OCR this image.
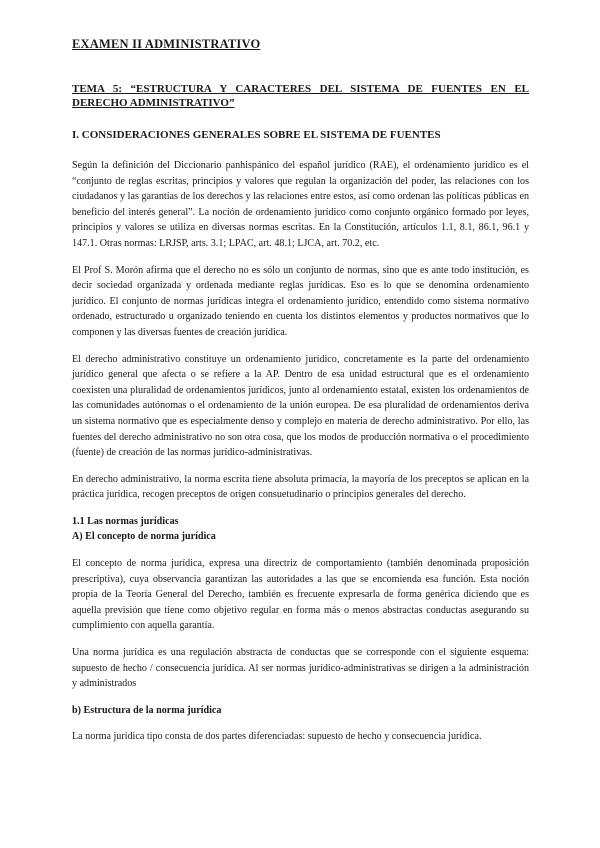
EXAMEN II ADMINISTRATIVO

TEMA 5: “ESTRUCTURA Y CARACTERES DEL SISTEMA DE FUENTES EN EL DERECHO ADMINISTRATIVO”

I. CONSIDERACIONES GENERALES SOBRE EL SISTEMA DE FUENTES

Según la definición del Diccionario panhispánico del español jurídico (RAE), el ordenamiento jurídico es el “conjunto de reglas escritas, principios y valores que regulan la organización del poder, las relaciones con los ciudadanos y las garantías de los derechos y las relaciones entre estos, así como ordenan las políticas públicas en beneficio del interés general”. La noción de ordenamiento jurídico como conjunto orgánico formado por leyes, principios y valores se utiliza en diversas normas escritas. En la Constitución, artículos 1.1, 8.1, 86.1, 96.1 y 147.1. Otras normas: LRJSP, arts. 3.1; LPAC, art. 48.1; LJCA, art. 70.2, etc.

El Prof S. Morón afirma que el derecho no es sólo un conjunto de normas, sino que es ante todo institución, es decir sociedad organizada y ordenada mediante reglas jurídicas. Eso es lo que se denomina ordenamiento jurídico. El conjunto de normas jurídicas integra el ordenamiento jurídico, entendido como sistema normativo ordenado, estructurado u organizado teniendo en cuenta los distintos elementos y productos normativos que lo componen y las diversas fuentes de creación jurídica.

El derecho administrativo constituye un ordenamiento jurídico, concretamente es la parte del ordenamiento jurídico general que afecta o se refiere a la AP. Dentro de esa unidad estructural que es el ordenamiento coexisten una pluralidad de ordenamientos jurídicos, junto al ordenamiento estatal, existen los ordenamientos de las comunidades autónomas o el ordenamiento de la unión europea. De esa pluralidad de ordenamientos deriva un sistema normativo que es especialmente denso y complejo en materia de derecho administrativo. Por ello, las fuentes del derecho administrativo no son otra cosa, que los modos de producción normativa o el procedimiento (fuente) de creación de las normas jurídico-administrativas.

En derecho administrativo, la norma escrita tiene absoluta primacía, la mayoría de los preceptos se aplican en la práctica jurídica, recogen preceptos de origen consuetudinario o principios generales del derecho.

1.1 Las normas jurídicas

A) El concepto de norma jurídica

El concepto de norma jurídica, expresa una directriz de comportamiento (también denominada proposición prescriptiva), cuya observancia garantizan las autoridades a las que se encomienda esa función. Esta noción propia de la Teoría General del Derecho, también es frecuente expresarla de forma genérica diciendo que es aquella previsión que tiene como objetivo regular en forma más o menos abstractas conductas asegurando su cumplimiento con aquella garantía.

Una norma jurídica es una regulación abstracta de conductas que se corresponde con el siguiente esquema: supuesto de hecho / consecuencia jurídica. Al ser normas jurídico-administrativas se dirigen a la administración y administrados

b) Estructura de la norma jurídica

La norma jurídica tipo consta de dos partes diferenciadas: supuesto de hecho y consecuencia jurídica.
